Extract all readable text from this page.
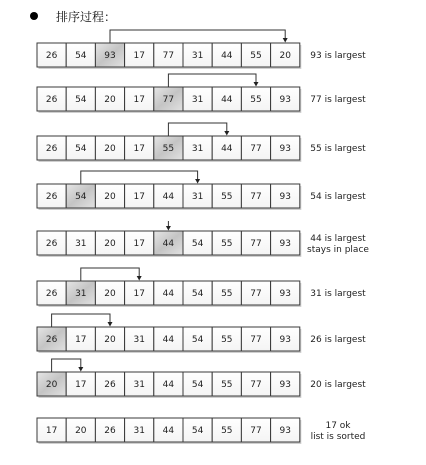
排序过程：
26 54 93 17 77 31 44 55 20 93 is largest
26 54 20 17 77 31 44 55 93 77 is largest
26 54 20 17 55 31 44 77 93 55 is largest
26 54 20 17 44 31 55 77 93 54 is largest
26 31 20 17 44 54 55 77 93 44 is largest
stays in place
26 31 20 17 44 54 55 77 93 31 is largest
26 17 20 31 44 54 55 77 93 26 is largest
20 17 26 31 44 54 55 77 93 20 is largest
17 20 26 31 44 54 55 77 93	17 ok
list is sorted
